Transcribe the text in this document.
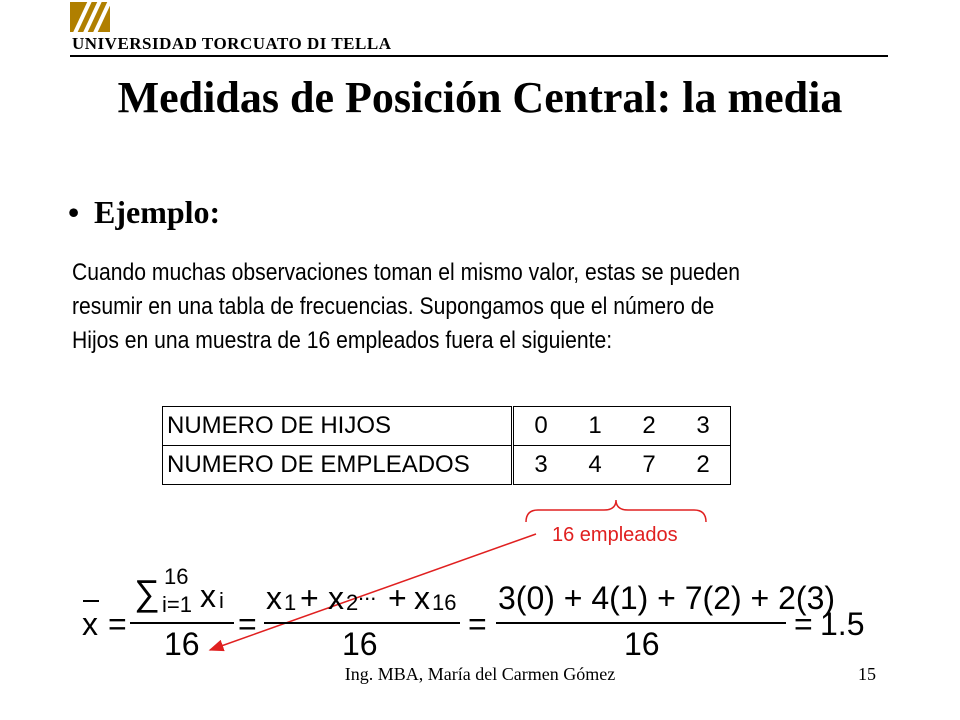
UNIVERSIDAD TORCUATO DI TELLA
Medidas de Posición Central: la media
• Ejemplo:
Cuando muchas observaciones toman el mismo valor, estas se pueden
resumir en una tabla de frecuencias. Supongamos que el número de
Hijos en una muestra de 16 empleados fuera el siguiente:
NUMERO DE HIJOS	0	1	2	3
NUMERO DE EMPLEADOS	3	4	7	2
16 empleados
x =
∑ 16
i=1 x i
16
=
x 1 + x 2 ... + x 16
16
=
3(0) + 4(1) + 7(2) + 2(3)
16
= 1.5
Ing. MBA, María del Carmen Gómez	15
